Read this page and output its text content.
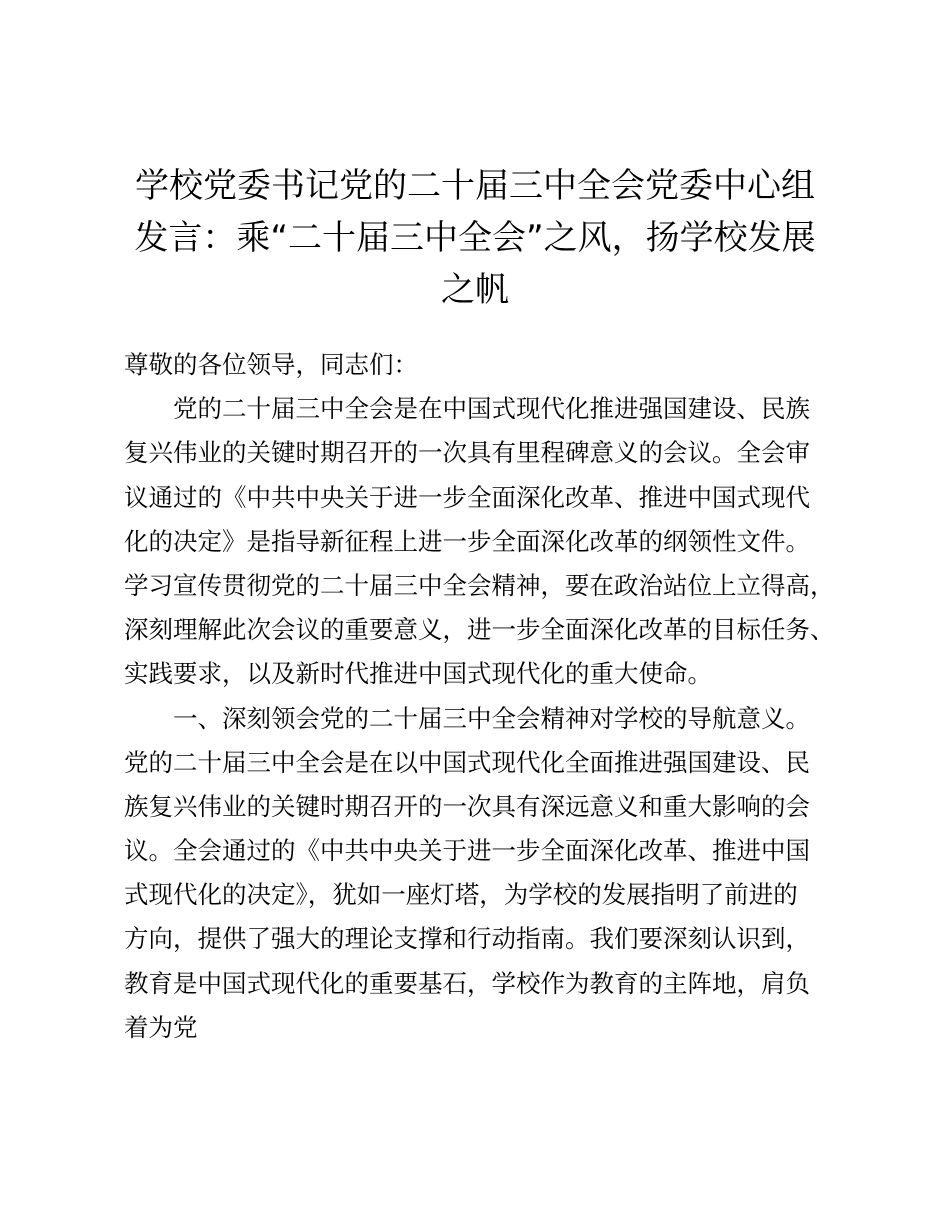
学校党委书记党的二十届三中全会党委中心组
发言：乘“二十届三中全会”之风，扬学校发展
之帆
尊敬的各位领导，同志们：
党的二十届三中全会是在中国式现代化推进强国建设、民族
复兴伟业的关键时期召开的一次具有里程碑意义的会议。全会审
议通过的《中共中央关于进一步全面深化改革、推进中国式现代
化的决定》是指导新征程上进一步全面深化改革的纲领性文件。
学习宣传贯彻党的二十届三中全会精神，要在政治站位上立得高，
深刻理解此次会议的重要意义，进一步全面深化改革的目标任务、
实践要求，以及新时代推进中国式现代化的重大使命。
一、深刻领会党的二十届三中全会精神对学校的导航意义。
党的二十届三中全会是在以中国式现代化全面推进强国建设、民
族复兴伟业的关键时期召开的一次具有深远意义和重大影响的会
议。全会通过的《中共中央关于进一步全面深化改革、推进中国
式现代化的决定》，犹如一座灯塔，为学校的发展指明了前进的
方向，提供了强大的理论支撑和行动指南。我们要深刻认识到，
教育是中国式现代化的重要基石，学校作为教育的主阵地，肩负
着为党
